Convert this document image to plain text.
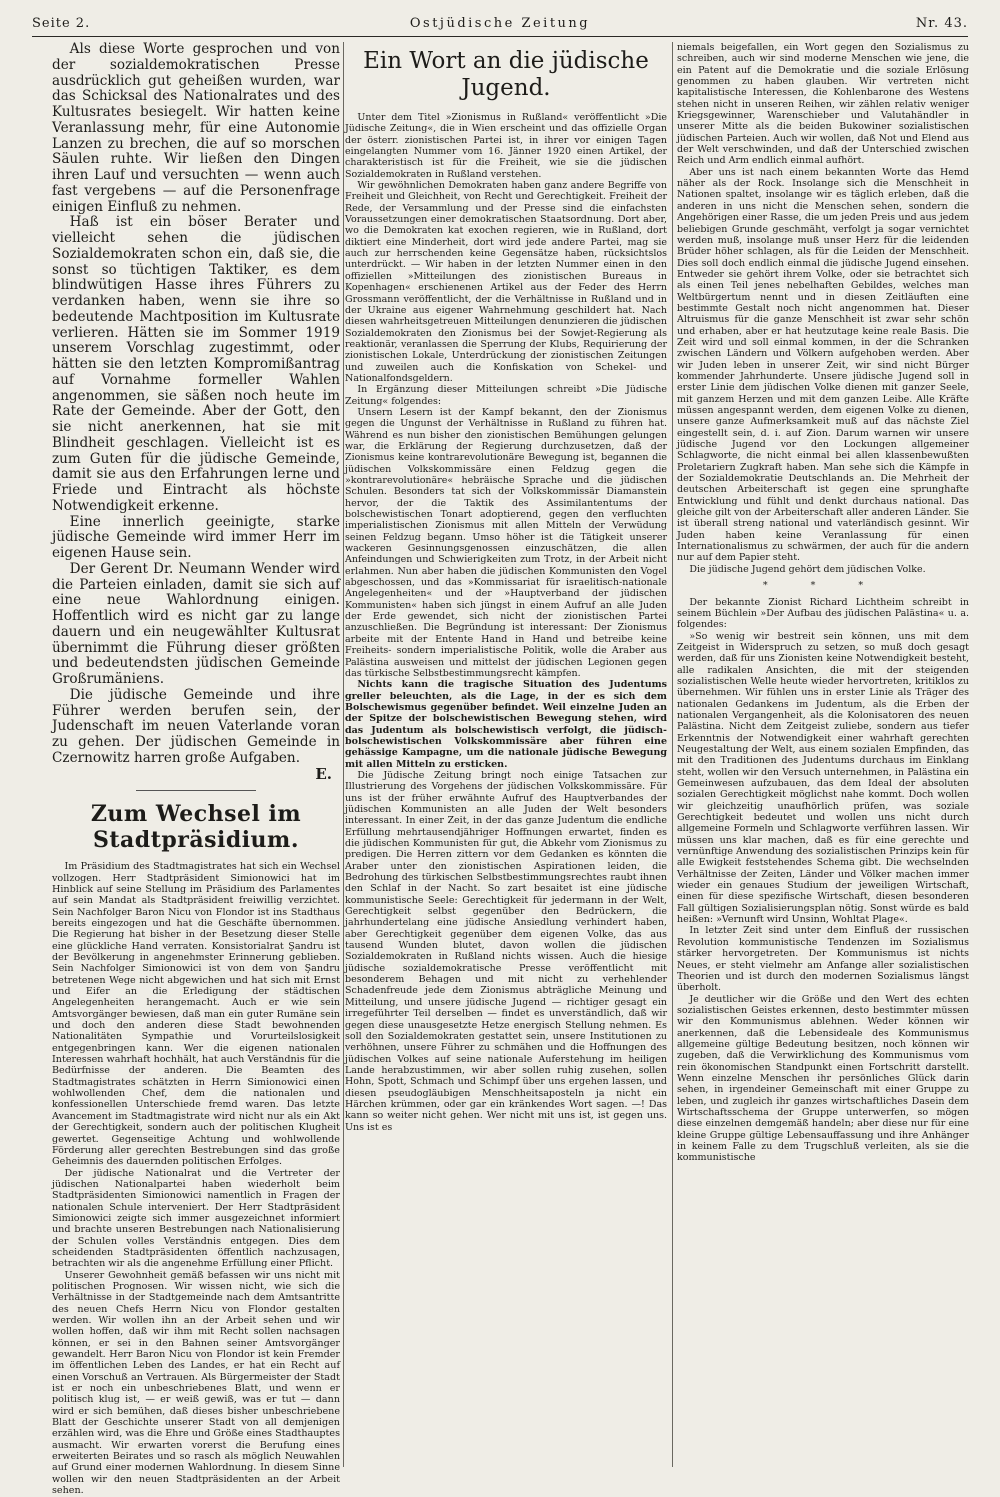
Seite 2.	Ostjüdische Zeitung	Nr. 43.

Als diese Worte gesprochen und von der sozialdemokratischen Presse ausdrücklich gut geheißen wurden, war das Schicksal des Nationalrates und des Kultusrates besiegelt. Wir hatten keine Veranlassung mehr, für eine Autonomie Lanzen zu brechen, die auf so morschen Säulen ruhte. Wir ließen den Dingen ihren Lauf und versuchten — wenn auch fast vergebens — auf die Personenfrage einigen Einfluß zu nehmen.

Haß ist ein böser Berater und vielleicht sehen die jüdischen Sozialdemokraten schon ein, daß sie, die sonst so tüchtigen Taktiker, es dem blindwütigen Hasse ihres Führers zu verdanken haben, wenn sie ihre so bedeutende Machtposition im Kultusrate verlieren. Hätten sie im Sommer 1919 unserem Vorschlag zugestimmt, oder hätten sie den letzten Kompromißantrag auf Vornahme formeller Wahlen angenommen, sie säßen noch heute im Rate der Gemeinde. Aber der Gott, den sie nicht anerkennen, hat sie mit Blindheit geschlagen. Vielleicht ist es zum Guten für die jüdische Gemeinde, damit sie aus den Erfahrungen lerne und Friede und Eintracht als höchste Notwendigkeit erkenne.

Eine innerlich geeinigte, starke jüdische Gemeinde wird immer Herr im eigenen Hause sein.

Der Gerent Dr. Neumann Wender wird die Parteien einladen, damit sie sich auf eine neue Wahlordnung einigen. Hoffentlich wird es nicht gar zu lange dauern und ein neugewählter Kultusrat übernimmt die Führung dieser größten und bedeutendsten jüdischen Gemeinde Großrumäniens.

Die jüdische Gemeinde und ihre Führer werden berufen sein, der Judenschaft im neuen Vaterlande voran zu gehen. Der jüdischen Gemeinde in Czernowitz harren große Aufgaben.

E.

Zum Wechsel im Stadtpräsidium.

Im Präsidium des Stadtmagistrates hat sich ein Wechsel vollzogen. Herr Stadtpräsident Simionowici hat im Hinblick auf seine Stellung im Präsidium des Parlamentes auf sein Mandat als Stadtpräsident freiwillig verzichtet. Sein Nachfolger Baron Nicu von Flondor ist ins Stadthaus bereits eingezogen und hat die Geschäfte übernommen. Die Regierung hat bisher in der Besetzung dieser Stelle eine glückliche Hand verraten. Konsistorialrat Şandru ist der Bevölkerung in angenehmster Erinnerung geblieben. Sein Nachfolger Simionowici ist von dem von Şandru betretenen Wege nicht abgewichen und hat sich mit Ernst und Eifer an die Erledigung der städtischen Angelegenheiten herangemacht. Auch er wie sein Amtsvorgänger bewiesen, daß man ein guter Rumäne sein und doch den anderen diese Stadt bewohnenden Nationalitäten Sympathie und Vorurteilslosigkeit entgegenbringen kann. Wer die eigenen nationalen Interessen wahrhaft hochhält, hat auch Verständnis für die Bedürfnisse der anderen. Die Beamten des Stadtmagistrates schätzten in Herrn Simionowici einen wohlwollenden Chef, dem die nationalen und konfessionellen Unterschiede fremd waren. Das letzte Avancement im Stadtmagistrate wird nicht nur als ein Akt der Gerechtigkeit, sondern auch der politischen Klugheit gewertet. Gegenseitige Achtung und wohlwollende Förderung aller gerechten Bestrebungen sind das große Geheimnis des dauernden politischen Erfolges.

Der jüdische Nationalrat und die Vertreter der jüdischen Nationalpartei haben wiederholt beim Stadtpräsidenten Simionowici namentlich in Fragen der nationalen Schule interveniert. Der Herr Stadtpräsident Simionowici zeigte sich immer ausgezeichnet informiert und brachte unseren Bestrebungen nach Nationalisierung der Schulen volles Verständnis entgegen. Dies dem scheidenden Stadtpräsidenten öffentlich nachzusagen, betrachten wir als die angenehme Erfüllung einer Pflicht.

Unserer Gewohnheit gemäß befassen wir uns nicht mit politischen Prognosen. Wir wissen nicht, wie sich die Verhältnisse in der Stadtgemeinde nach dem Amtsantritte des neuen Chefs Herrn Nicu von Flondor gestalten werden. Wir wollen ihn an der Arbeit sehen und wir wollen hoffen, daß wir ihm mit Recht sollen nachsagen können, er sei in den Bahnen seiner Amtsvorgänger gewandelt. Herr Baron Nicu von Flondor ist kein Fremder im öffentlichen Leben des Landes, er hat ein Recht auf einen Vorschuß an Vertrauen. Als Bürgermeister der Stadt ist er noch ein unbeschriebenes Blatt, und wenn er politisch klug ist, — er weiß gewiß, was er tut — dann wird er sich bemühen, daß dieses bisher unbeschriebene Blatt der Geschichte unserer Stadt von all demjenigen erzählen wird, was die Ehre und Größe eines Stadthauptes ausmacht. Wir erwarten vorerst die Berufung eines erweiterten Beirates und so rasch als möglich Neuwahlen auf Grund einer modernen Wahlordnung. In diesem Sinne wollen wir den neuen Stadtpräsidenten an der Arbeit sehen.

Ein Wort an die jüdische Jugend.

Unter dem Titel »Zionismus in Rußland« veröffentlicht »Die Jüdische Zeitung«, die in Wien erscheint und das offizielle Organ der österr. zionistischen Partei ist, in ihrer vor einigen Tagen eingelangten Nummer vom 16. Jänner 1920 einen Artikel, der charakteristisch ist für die Freiheit, wie sie die jüdischen Sozialdemokraten in Rußland verstehen.

Wir gewöhnlichen Demokraten haben ganz andere Begriffe von Freiheit und Gleichheit, von Recht und Gerechtigkeit. Freiheit der Rede, der Versammlung und der Presse sind die einfachsten Voraussetzungen einer demokratischen Staatsordnung. Dort aber, wo die Demokraten kat exochen regieren, wie in Rußland, dort diktiert eine Minderheit, dort wird jede andere Partei, mag sie auch zur herrschenden keine Gegensätze haben, rücksichtslos unterdrückt. — Wir haben in der letzten Nummer einen in den offiziellen »Mitteilungen des zionistischen Bureaus in Kopenhagen« erschienenen Artikel aus der Feder des Herrn Grossmann veröffentlicht, der die Verhältnisse in Rußland und in der Ukraine aus eigener Wahrnehmung geschildert hat. Nach diesen wahrheitsgetreuen Mitteilungen denunzieren die jüdischen Sozialdemokraten den Zionismus bei der Sowjet-Regierung als reaktionär, veranlassen die Sperrung der Klubs, Requirierung der zionistischen Lokale, Unterdrückung der zionistischen Zeitungen und zuweilen auch die Konfiskation von Schekel- und Nationalfondsgeldern.

In Ergänzung dieser Mitteilungen schreibt »Die Jüdische Zeitung« folgendes:

Unsern Lesern ist der Kampf bekannt, den der Zionismus gegen die Ungunst der Verhältnisse in Rußland zu führen hat. Während es nun bisher den zionistischen Bemühungen gelungen war, die Erklärung der Regierung durchzusetzen, daß der Zionismus keine kontrarevolutionäre Bewegung ist, begannen die jüdischen Volkskommissäre einen Feldzug gegen die »kontrarevolutionäre« hebräische Sprache und die jüdischen Schulen. Besonders tat sich der Volkskommissär Diamanstein hervor, der die Taktik des Assimilantentums der bolschewistischen Tonart adoptierend, gegen den verfluchten imperialistischen Zionismus mit allen Mitteln der Verwüdung seinen Feldzug begann. Umso höher ist die Tätigkeit unserer wackeren Gesinnungsgenossen einzuschätzen, die allen Anfeindungen und Schwierigkeiten zum Trotz, in der Arbeit nicht erlahmen. Nun aber haben die jüdischen Kommunisten den Vogel abgeschossen, und das »Kommissariat für israelitisch-nationale Angelegenheiten« und der »Hauptverband der jüdischen Kommunisten« haben sich jüngst in einem Aufruf an alle Juden der Erde gewendet, sich nicht der zionistischen Partei anzuschließen. Die Begründung ist interessant: Der Zionismus arbeite mit der Entente Hand in Hand und betreibe keine Freiheits- sondern imperialistische Politik, wolle die Araber aus Palästina ausweisen und mittelst der jüdischen Legionen gegen das türkische Selbstbestimmungsrecht kämpfen.

Nichts kann die tragische Situation des Judentums greller beleuchten, als die Lage, in der es sich dem Bolschewismus gegenüber befindet. Weil einzelne Juden an der Spitze der bolschewistischen Bewegung stehen, wird das Judentum als bolschewistisch verfolgt, die jüdisch-bolschewistischen Volkskommissäre aber führen eine gehässige Kampagne, um die nationale jüdische Bewegung mit allen Mitteln zu ersticken.

Die Jüdische Zeitung bringt noch einige Tatsachen zur Illustrierung des Vorgehens der jüdischen Volkskommissäre. Für uns ist der früher erwähnte Aufruf des Hauptverbandes der jüdischen Kommunisten an alle Juden der Welt besonders interessant. In einer Zeit, in der das ganze Judentum die endliche Erfüllung mehrtausendjähriger Hoffnungen erwartet, finden es die jüdischen Kommunisten für gut, die Abkehr vom Zionismus zu predigen. Die Herren zittern vor dem Gedanken es könnten die Araber unter den zionistischen Aspirationen leiden, die Bedrohung des türkischen Selbstbestimmungsrechtes raubt ihnen den Schlaf in der Nacht. So zart besaitet ist eine jüdische kommunistische Seele: Gerechtigkeit für jedermann in der Welt, Gerechtigkeit selbst gegenüber den Bedrückern, die jahrhundertelang eine jüdische Ansiedlung verhindert haben, aber Gerechtigkeit gegenüber dem eigenen Volke, das aus tausend Wunden blutet, davon wollen die jüdischen Sozialdemokraten in Rußland nichts wissen. Auch die hiesige jüdische sozialdemokratische Presse veröffentlicht mit besonderem Behagen und mit nicht zu verhehlender Schadenfreude jede dem Zionismus abträgliche Meinung und Mitteilung, und unsere jüdische Jugend — richtiger gesagt ein irregeführter Teil derselben — findet es unverständlich, daß wir gegen diese unausgesetzte Hetze energisch Stellung nehmen. Es soll den Sozialdemokraten gestattet sein, unsere Institutionen zu verhöhnen, unsere Führer zu schmähen und die Hoffnungen des jüdischen Volkes auf seine nationale Auferstehung im heiligen Lande herabzustimmen, wir aber sollen ruhig zusehen, sollen Hohn, Spott, Schmach und Schimpf über uns ergehen lassen, und diesen pseudogläubigen Menschheitsaposteln ja nicht ein Härchen krümmen, oder gar ein kränkendes Wort sagen. —! Das kann so weiter nicht gehen. Wer nicht mit uns ist, ist gegen uns. Uns ist es

niemals beigefallen, ein Wort gegen den Sozialismus zu schreiben, auch wir sind moderne Menschen wie jene, die ein Patent auf die Demokratie und die soziale Erlösung genommen zu haben glauben. Wir vertreten nicht kapitalistische Interessen, die Kohlenbarone des Westens stehen nicht in unseren Reihen, wir zählen relativ weniger Kriegsgewinner, Warenschieber und Valutahändler in unserer Mitte als die beiden Bukowiner sozialistischen jüdischen Parteien. Auch wir wollen, daß Not und Elend aus der Welt verschwinden, und daß der Unterschied zwischen Reich und Arm endlich einmal aufhört.

Aber uns ist nach einem bekannten Worte das Hemd näher als der Rock. Insolange sich die Menschheit in Nationen spaltet, insolange wir es täglich erleben, daß die anderen in uns nicht die Menschen sehen, sondern die Angehörigen einer Rasse, die um jeden Preis und aus jedem beliebigen Grunde geschmäht, verfolgt ja sogar vernichtet werden muß, insolange muß unser Herz für die leidenden Brüder höher schlagen, als für die Leiden der Menschheit. Dies soll doch endlich einmal die jüdische Jugend einsehen. Entweder sie gehört ihrem Volke, oder sie betrachtet sich als einen Teil jenes nebelhaften Gebildes, welches man Weltbürgertum nennt und in diesen Zeitläuften eine bestimmte Gestalt noch nicht angenommen hat. Dieser Altruismus für die ganze Menschheit ist zwar sehr schön und erhaben, aber er hat heutzutage keine reale Basis. Die Zeit wird und soll einmal kommen, in der die Schranken zwischen Ländern und Völkern aufgehoben werden. Aber wir Juden leben in unserer Zeit, wir sind nicht Bürger kommender Jahrhunderte. Unsere jüdische Jugend soll in erster Linie dem jüdischen Volke dienen mit ganzer Seele, mit ganzem Herzen und mit dem ganzen Leibe. Alle Kräfte müssen angespannt werden, dem eigenen Volke zu dienen, unsere ganze Aufmerksamkeit muß auf das nächste Ziel eingestellt sein, d. i. auf Zion. Darum warnen wir unsere jüdische Jugend vor den Lockungen allgemeiner Schlagworte, die nicht einmal bei allen klassenbewußten Proletariern Zugkraft haben. Man sehe sich die Kämpfe in der Sozialdemokratie Deutschlands an. Die Mehrheit der deutschen Arbeiterschaft ist gegen eine sprunghafte Entwicklung und fühlt und denkt durchaus national. Das gleiche gilt von der Arbeiterschaft aller anderen Länder. Sie ist überall streng national und vaterländisch gesinnt. Wir Juden haben keine Veranlassung für einen Internationalismus zu schwärmen, der auch für die andern nur auf dem Papier steht.

Die jüdische Jugend gehört dem jüdischen Volke.

* * *

Der bekannte Zionist Richard Lichtheim schreibt in seinem Büchlein »Der Aufbau des jüdischen Palästina« u. a. folgendes:

»So wenig wir bestreit sein können, uns mit dem Zeitgeist in Widerspruch zu setzen, so muß doch gesagt werden, daß für uns Zionisten keine Notwendigkeit besteht, alle radikalen Ansichten, die mit der steigenden sozialistischen Welle heute wieder hervortreten, kritiklos zu übernehmen. Wir fühlen uns in erster Linie als Träger des nationalen Gedankens im Judentum, als die Erben der nationalen Vergangenheit, als die Kolonisatoren des neuen Palästina. Nicht dem Zeitgeist zuliebe, sondern aus tiefer Erkenntnis der Notwendigkeit einer wahrhaft gerechten Neugestaltung der Welt, aus einem sozialen Empfinden, das mit den Traditionen des Judentums durchaus im Einklang steht, wollen wir den Versuch unternehmen, in Palästina ein Gemeinwesen aufzubauen, das dem Ideal der absoluten sozialen Gerechtigkeit möglichst nahe kommt. Doch wollen wir gleichzeitig unaufhörlich prüfen, was soziale Gerechtigkeit bedeutet und wollen uns nicht durch allgemeine Formeln und Schlagworte verführen lassen. Wir müssen uns klar machen, daß es für eine gerechte und vernünftige Anwendung des sozialistischen Prinzips kein für alle Ewigkeit feststehendes Schema gibt. Die wechselnden Verhältnisse der Zeiten, Länder und Völker machen immer wieder ein genaues Studium der jeweiligen Wirtschaft, einen für diese spezifische Wirtschaft, diesen besonderen Fall gültigen Sozialisierungsplan nötig. Sonst würde es bald heißen: »Vernunft wird Unsinn, Wohltat Plage«.

In letzter Zeit sind unter dem Einfluß der russischen Revolution kommunistische Tendenzen im Sozialismus stärker hervorgetreten. Der Kommunismus ist nichts Neues, er steht vielmehr am Anfange aller sozialistischen Theorien und ist durch den modernen Sozialismus längst überholt.

Je deutlicher wir die Größe und den Wert des echten sozialistischen Geistes erkennen, desto bestimmter müssen wir den Kommunismus ablehnen. Weder können wir anerkennen, daß die Lebensideale des Kommunismus allgemeine gültige Bedeutung besitzen, noch können wir zugeben, daß die Verwirklichung des Kommunismus vom rein ökonomischen Standpunkt einen Fortschritt darstellt. Wenn einzelne Menschen ihr persönliches Glück darin sehen, in irgendeiner Gemeinschaft mit einer Gruppe zu leben, und zugleich ihr ganzes wirtschaftliches Dasein dem Wirtschaftsschema der Gruppe unterwerfen, so mögen diese einzelnen demgemäß handeln; aber diese nur für eine kleine Gruppe gültige Lebensauffassung und ihre Anhänger in keinem Falle zu dem Trugschluß verleiten, als sie die kommunistische
